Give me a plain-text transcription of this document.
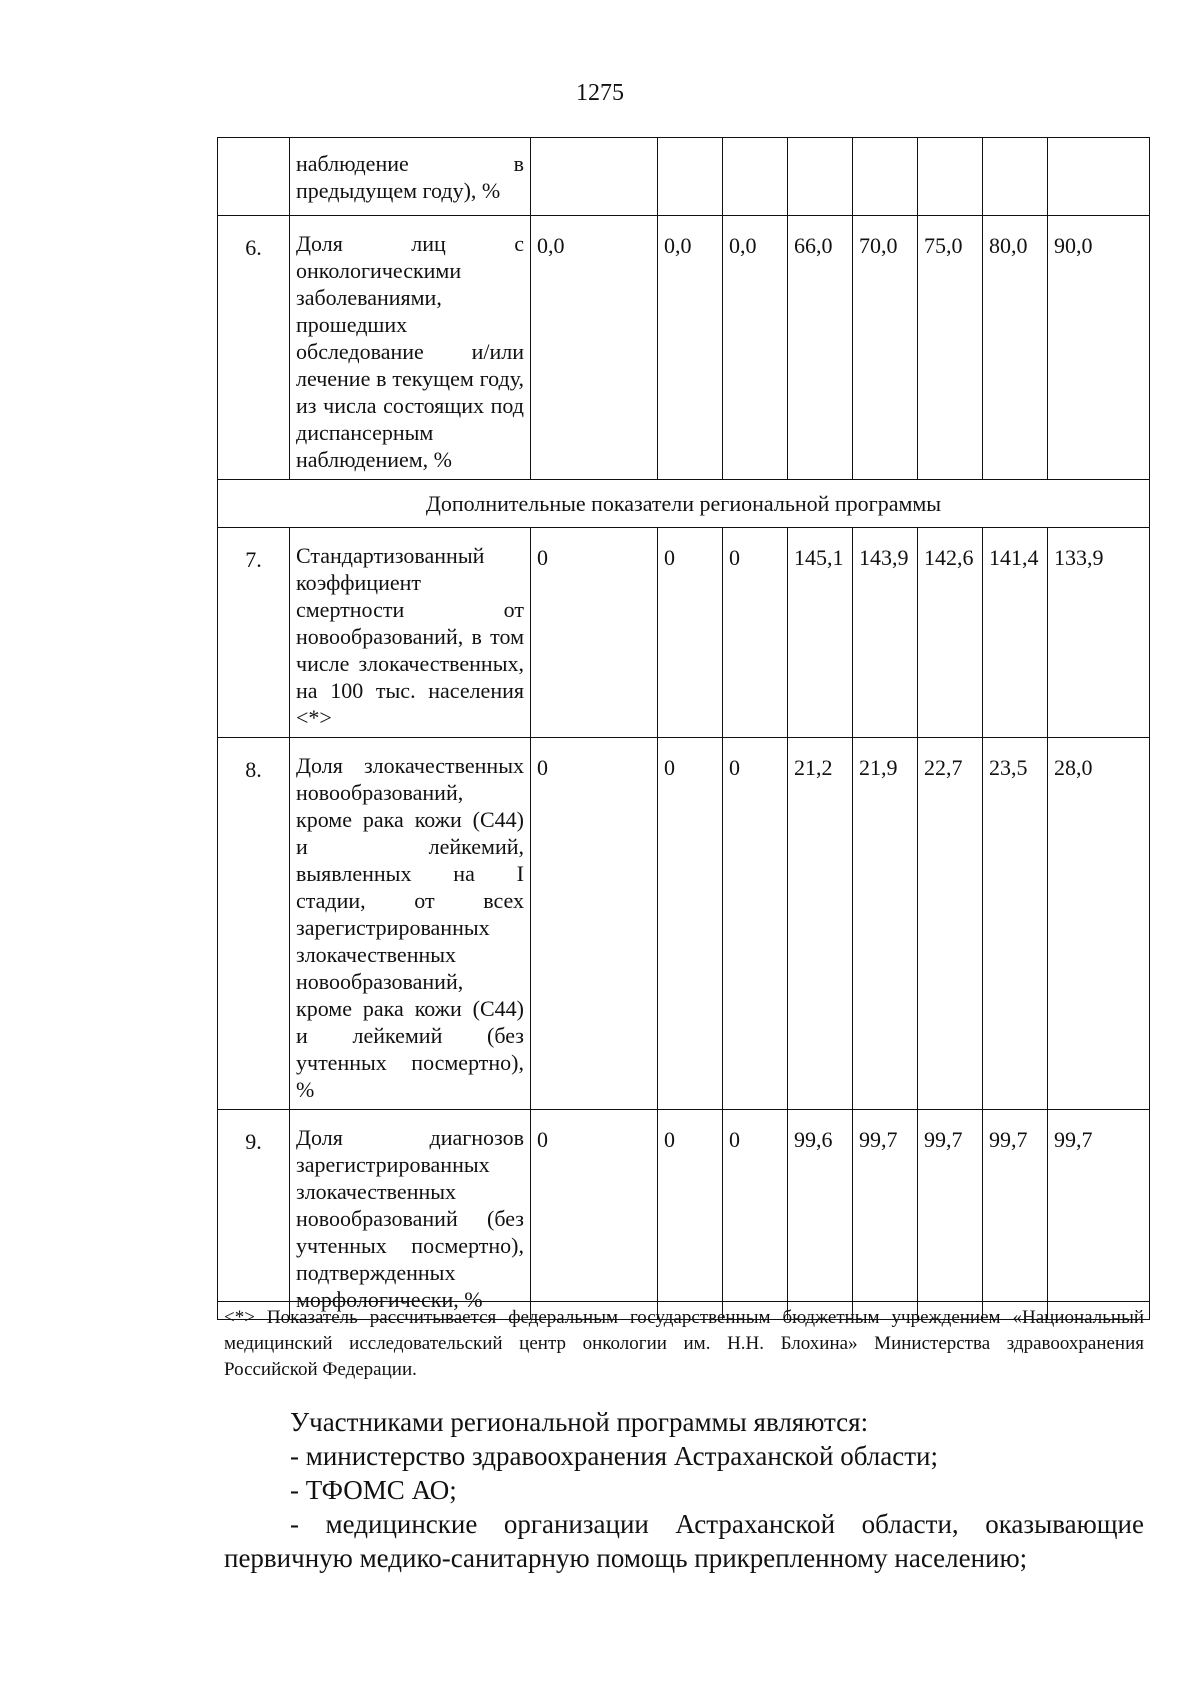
1275
	наблюдение в предыдущем году), %								
6.	Доля лиц с онкологическими заболеваниями, прошедших обследование и/или лечение в текущем году, из числа состоящих под диспансерным наблюдением, %	0,0	0,0	0,0	66,0	70,0	75,0	80,0	90,0
Дополнительные показатели региональной программы									
7.	Стандартизованный коэффициент смертности от новообразований, в том числе злокачественных, на 100 тыс. населения <*>	0	0	0	145,1	143,9	142,6	141,4	133,9
8.	Доля злокачественных новообразований, кроме рака кожи (С44) и лейкемий, выявленных на I стадии, от всех зарегистрированных злокачественных новообразований, кроме рака кожи (С44) и лейкемий (без учтенных посмертно), %	0	0	0	21,2	21,9	22,7	23,5	28,0
9.	Доля диагнозов зарегистрированных злокачественных новообразований (без учтенных посмертно), подтвержденных морфологически, %	0	0	0	99,6	99,7	99,7	99,7	99,7
<*> Показатель рассчитывается федеральным государственным бюджетным учреждением «Национальный медицинский исследовательский центр онкологии им. Н.Н. Блохина» Министерства здравоохранения Российской Федерации.

Участниками региональной программы являются:

- министерство здравоохранения Астраханской области;

- ТФОМС АО;

- медицинские организации Астраханской области, оказывающие первичную медико-санитарную помощь прикрепленному населению;
